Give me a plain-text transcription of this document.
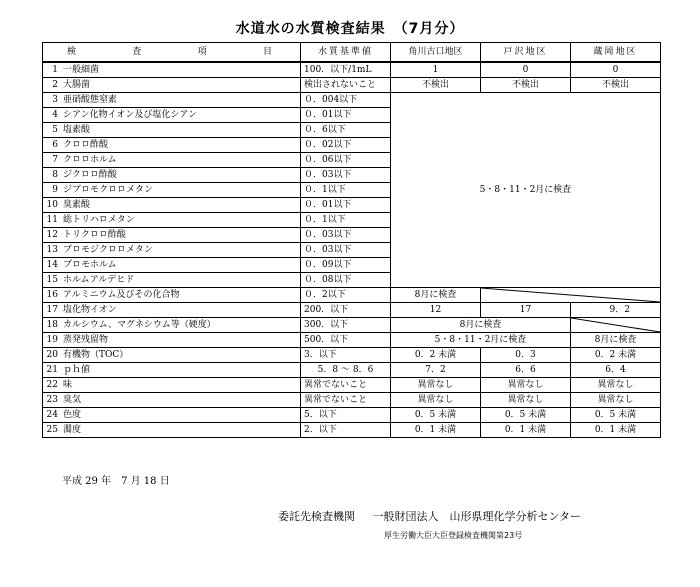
水道水の水質検査結果　（7月分）
検査項目	水質基準値	角川古口地区	戸沢地区	蔵岡地区
1 一般細菌	100．以下/1mL	1	0	0
2 大腸菌	検出されないこと	不検出	不検出	不検出
3 亜硝酸態窒素	０．004以下	5・8・11・2月に検査		
4 シアン化物イオン及び塩化シアン	０．01以下			
5 塩素酸	０．6以下			
6 クロロ酢酸	０．02以下			
7 クロロホルム	０．06以下			
8 ジクロロ酢酸	０．03以下			
9 ジブロモクロロメタン	０．1以下			
10 臭素酸	０．01以下			
11 総トリハロメタン	０．1以下			
12 トリクロロ酢酸	０．03以下			
13 ブロモジクロロメタン	０．03以下			
14 ブロモホルム	０．09以下			
15 ホルムアルデヒド	０．08以下			
16 アルミニウム及びその化合物	０．2以下	8月に検査	

17 塩化物イオン	200．以下	12	17	9．2
18 カルシウム、マグネシウム等（硬度）	300．以下	8月に検査	

19 蒸発残留物	500．以下	5・8・11・2月に検査		8月に検査
20 有機物（TOC）	3．以下	0．2 未満	0．3	0．2 未満
21 ｐｈ値	5．8 ～ 8．6	7．2	6．6	6．4
22 味	異常でないこと	異常なし	異常なし	異常なし
23 臭気	異常でないこと	異常なし	異常なし	異常なし
24 色度	5．以下	0．5 未満	0．5 未満	0．5 未満
25 濁度	2．以下	0．1 未満	0．1 未満	0．1 未満
平成 29 年　7 月 18 日
委託先検査機関 一般財団法人　山形県理化学分析センター
厚生労働大臣大臣登録検査機関第23号
